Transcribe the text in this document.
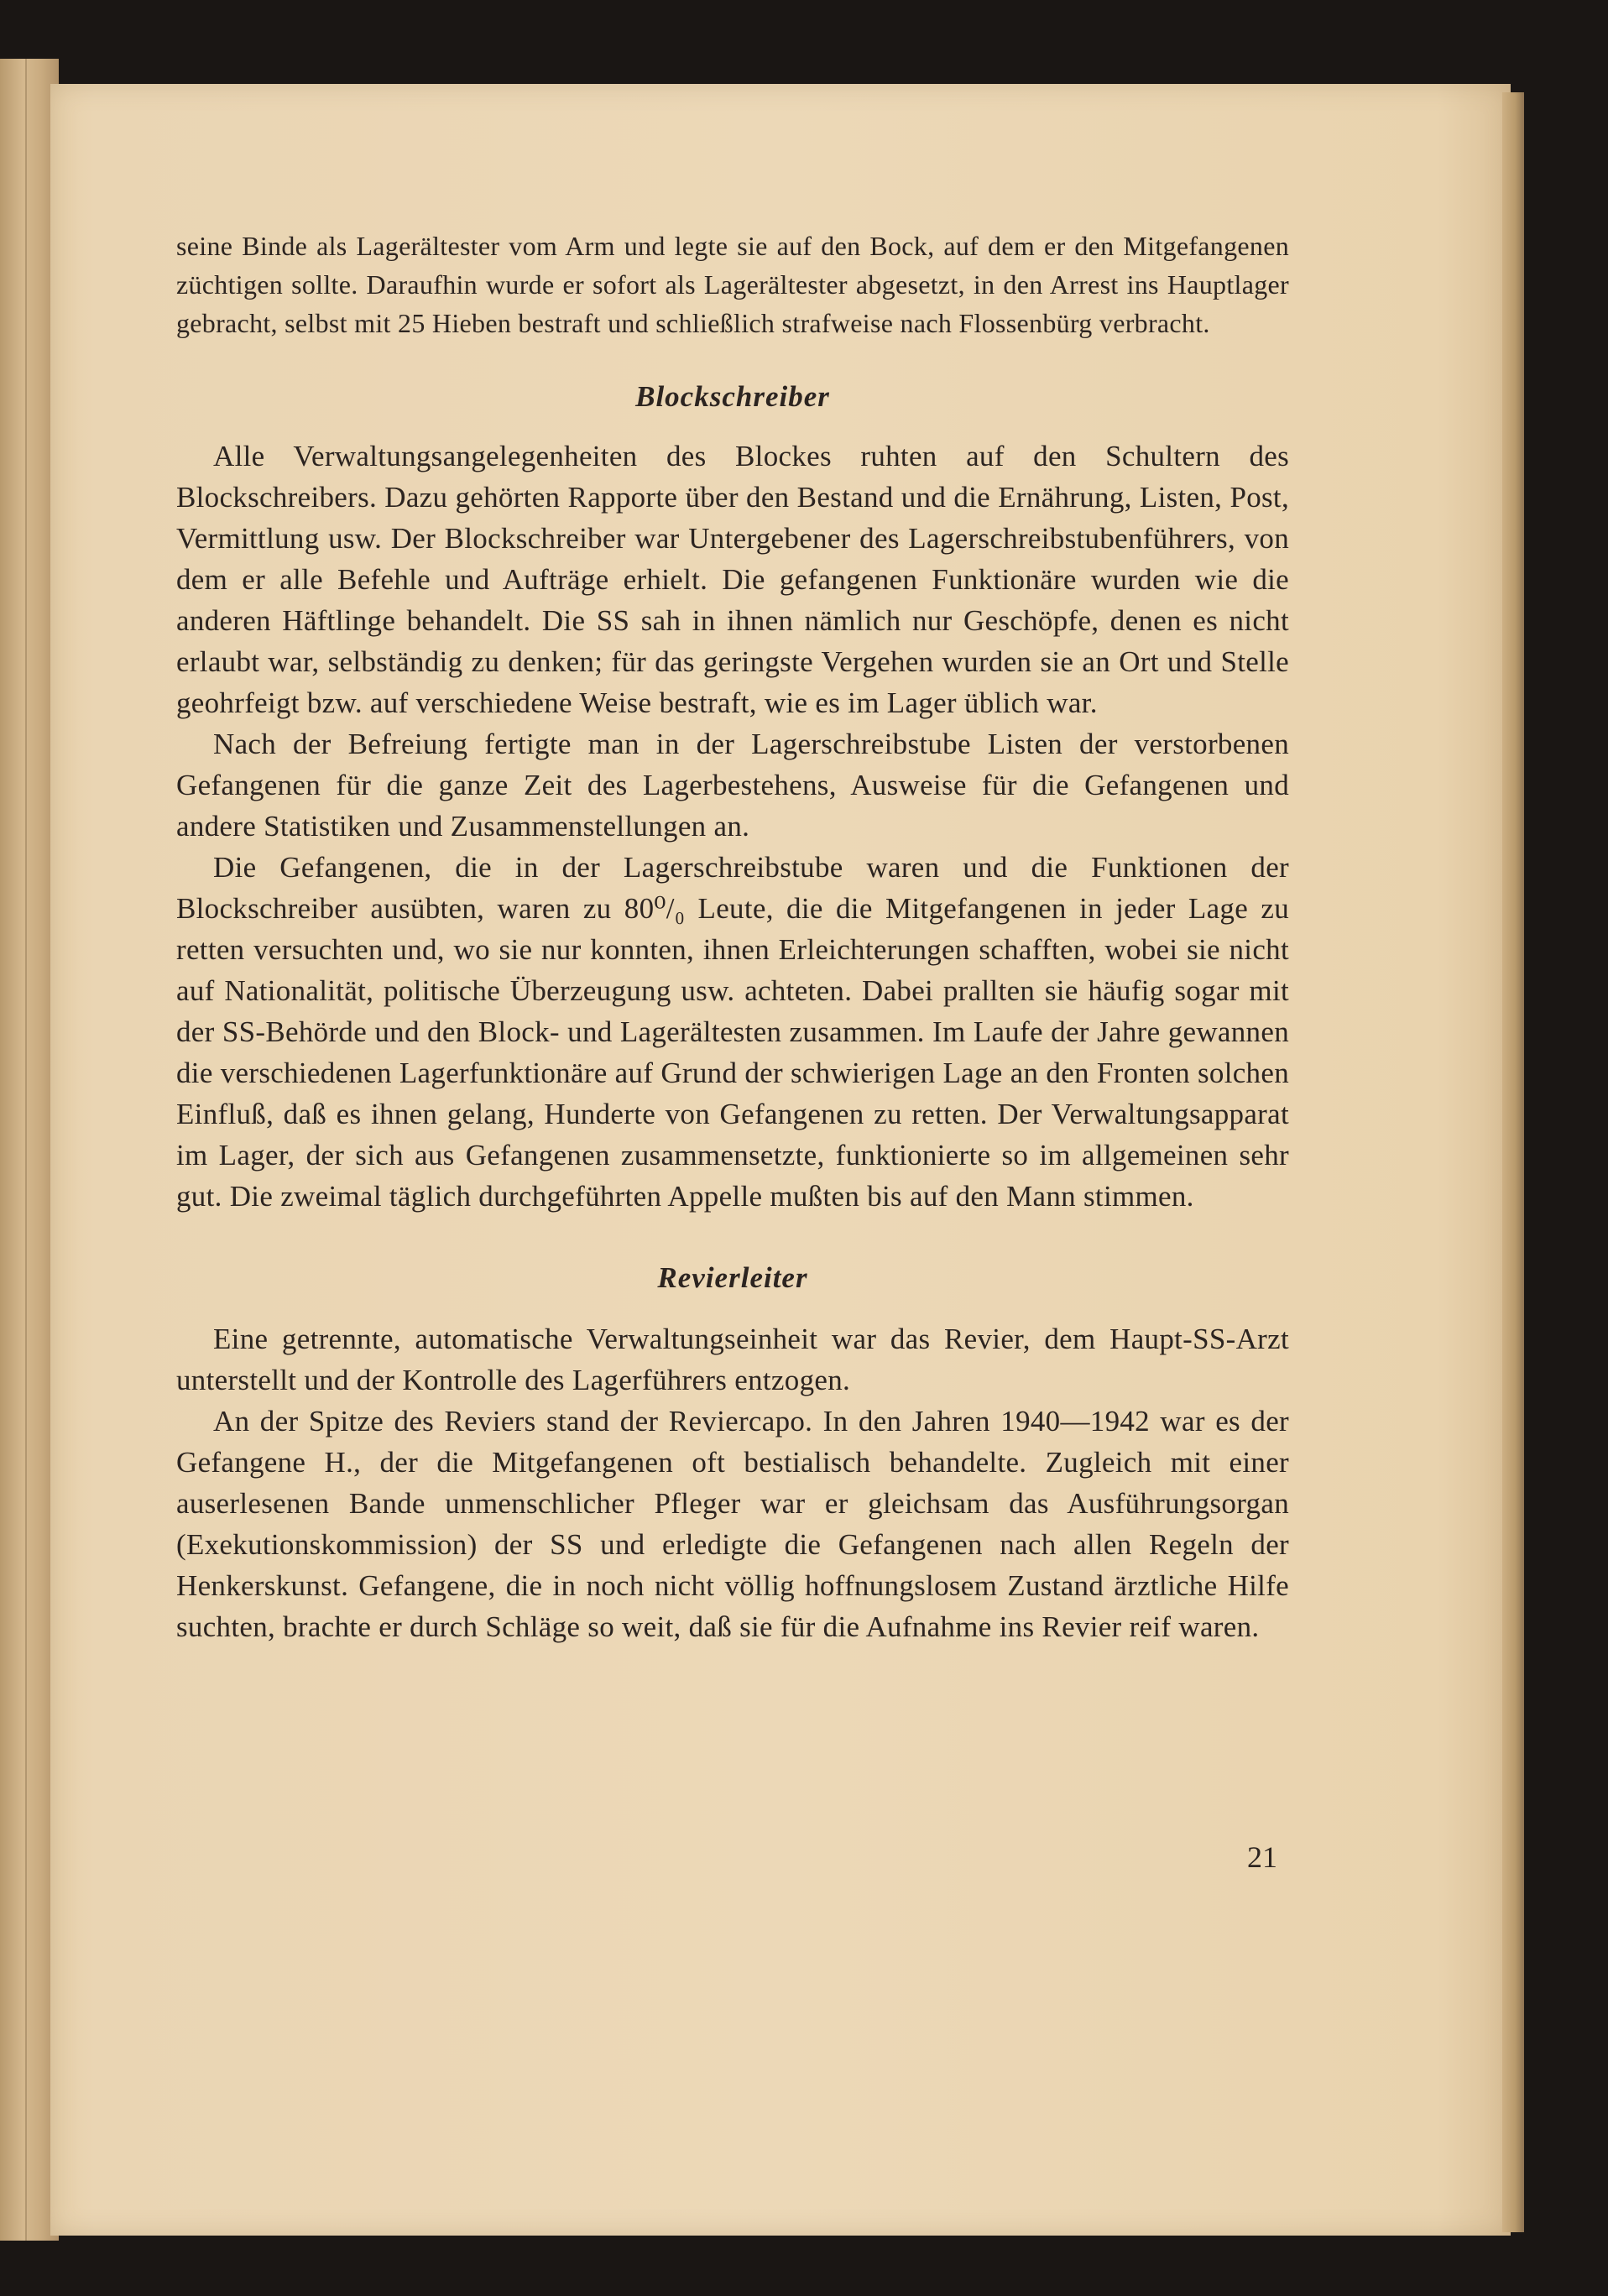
seine Binde als Lagerältester vom Arm und legte sie auf den Bock, auf dem er den Mitgefangenen züchtigen sollte. Daraufhin wurde er sofort als Lagerältester abgesetzt, in den Arrest ins Hauptlager gebracht, selbst mit 25 Hieben bestraft und schließlich strafweise nach Flossenbürg verbracht.

Blockschreiber

Alle Verwaltungsangelegenheiten des Blockes ruhten auf den Schultern des Blockschreibers. Dazu gehörten Rapporte über den Bestand und die Ernährung, Listen, Post, Vermittlung usw. Der Blockschreiber war Untergebener des Lagerschreibstubenführers, von dem er alle Befehle und Aufträge erhielt. Die gefangenen Funktionäre wurden wie die anderen Häftlinge behandelt. Die SS sah in ihnen nämlich nur Geschöpfe, denen es nicht erlaubt war, selbständig zu denken; für das geringste Vergehen wurden sie an Ort und Stelle geohrfeigt bzw. auf verschiedene Weise bestraft, wie es im Lager üblich war.

Nach der Befreiung fertigte man in der Lagerschreibstube Listen der verstorbenen Gefangenen für die ganze Zeit des Lagerbestehens, Ausweise für die Gefangenen und andere Statistiken und Zusammenstellungen an.

Die Gefangenen, die in der Lagerschreibstube waren und die Funktionen der Blockschreiber ausübten, waren zu 80⁰/₀ Leute, die die Mitgefangenen in jeder Lage zu retten versuchten und, wo sie nur konnten, ihnen Erleichterungen schafften, wobei sie nicht auf Nationalität, politische Überzeugung usw. achteten. Dabei prallten sie häufig sogar mit der SS-Behörde und den Block- und Lagerältesten zusammen. Im Laufe der Jahre gewannen die verschiedenen Lagerfunktionäre auf Grund der schwierigen Lage an den Fronten solchen Einfluß, daß es ihnen gelang, Hunderte von Gefangenen zu retten. Der Verwaltungsapparat im Lager, der sich aus Gefangenen zusammensetzte, funktionierte so im allgemeinen sehr gut. Die zweimal täglich durchgeführten Appelle mußten bis auf den Mann stimmen.

Revierleiter

Eine getrennte, automatische Verwaltungseinheit war das Revier, dem Haupt-SS-Arzt unterstellt und der Kontrolle des Lagerführers entzogen.

An der Spitze des Reviers stand der Reviercapo. In den Jahren 1940—1942 war es der Gefangene H., der die Mitgefangenen oft bestialisch behandelte. Zugleich mit einer auserlesenen Bande unmenschlicher Pfleger war er gleichsam das Ausführungsorgan (Exekutionskommission) der SS und erledigte die Gefangenen nach allen Regeln der Henkerskunst. Gefangene, die in noch nicht völlig hoffnungslosem Zustand ärztliche Hilfe suchten, brachte er durch Schläge so weit, daß sie für die Aufnahme ins Revier reif waren.

21
